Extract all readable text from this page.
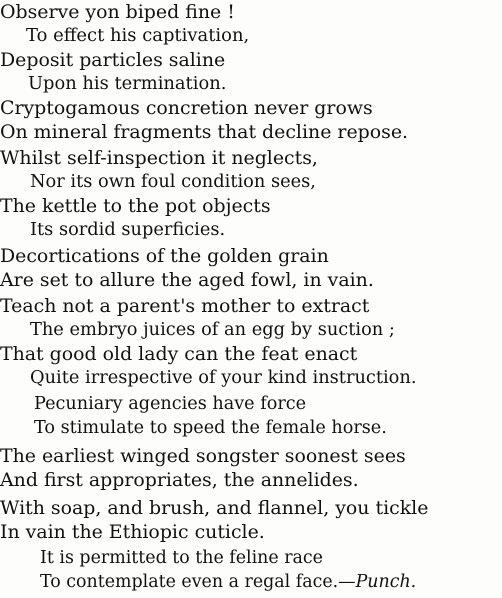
Observe yon biped fine !
To effect his captivation,
Deposit particles saline
Upon his termination.
Cryptogamous concretion never grows
On mineral fragments that decline repose.
Whilst self-inspection it neglects,
Nor its own foul condition sees,
The kettle to the pot objects
Its sordid superficies.
Decortications of the golden grain
Are set to allure the aged fowl, in vain.
Teach not a parent's mother to extract
The embryo juices of an egg by suction ;
That good old lady can the feat enact
Quite irrespective of your kind instruction.
Pecuniary agencies have force
To stimulate to speed the female horse.
The earliest winged songster soonest sees
And first appropriates, the annelides.
With soap, and brush, and flannel, you tickle
In vain the Ethiopic cuticle.
It is permitted to the feline race
To contemplate even a regal face.—Punch.
